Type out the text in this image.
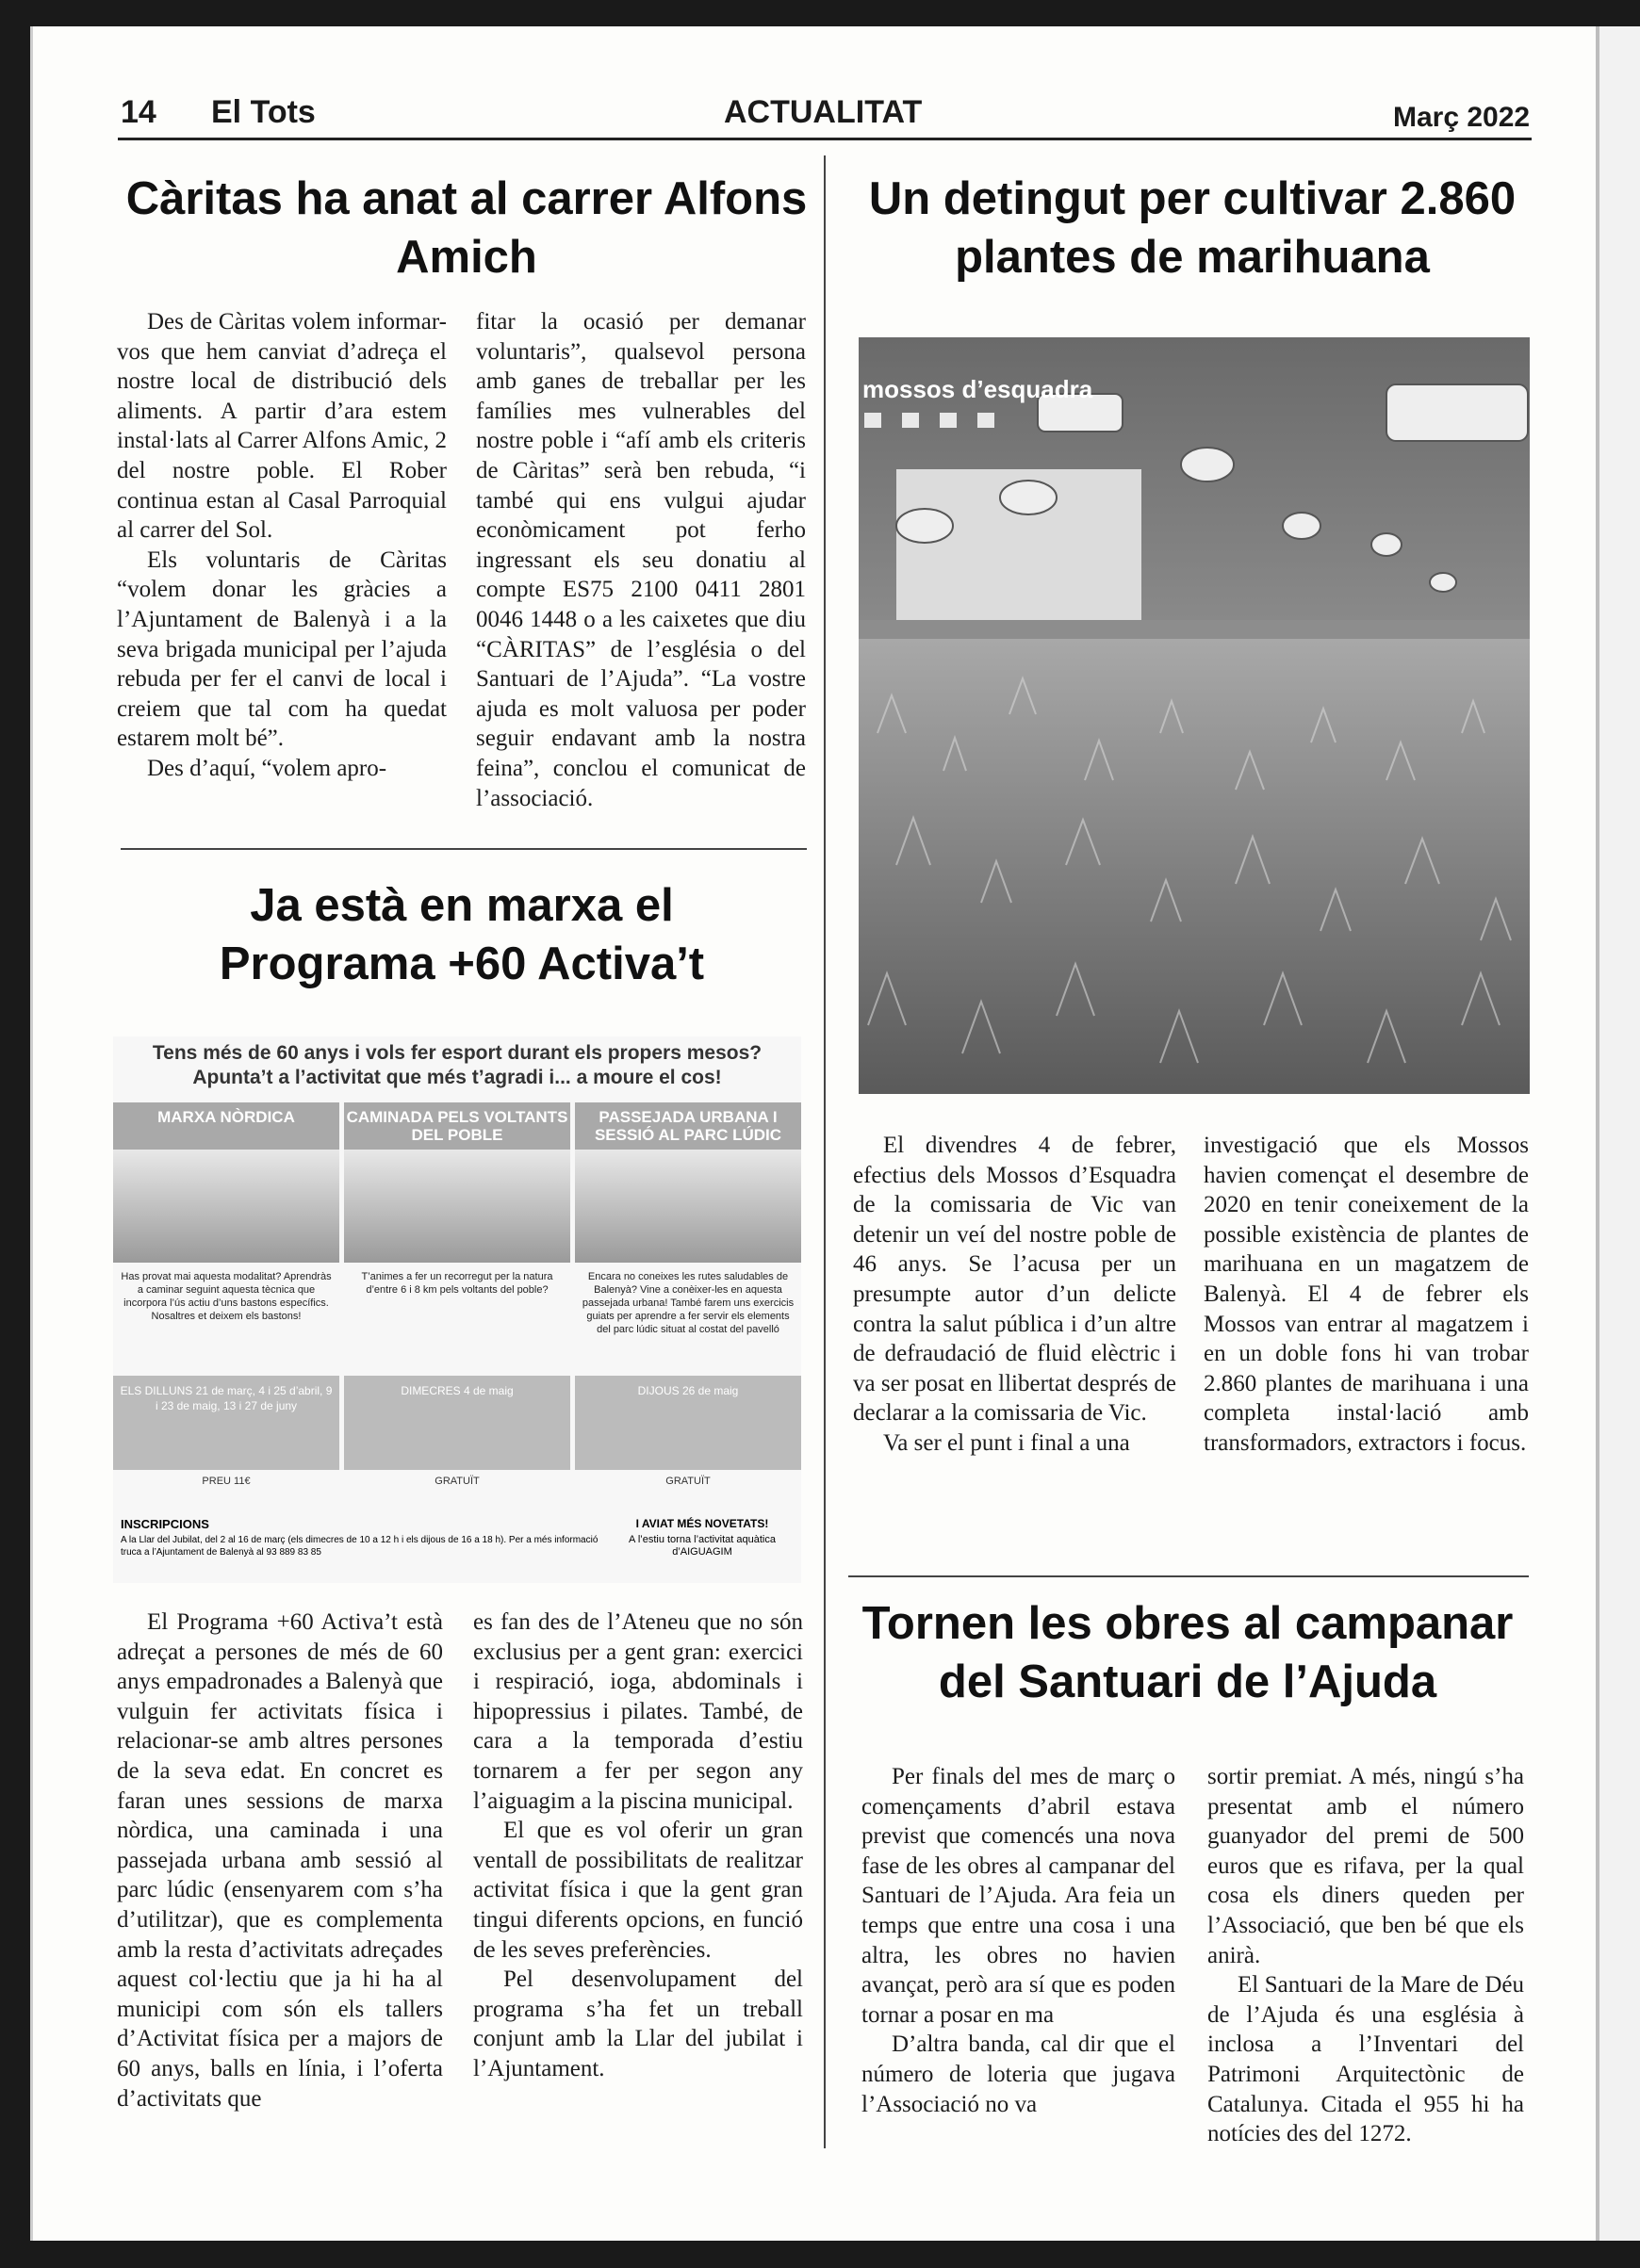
14 El Tots	ACTUALITAT	Març 2022
Càritas ha anat al carrer Alfons Amich

Des de Càritas volem informar-vos que hem canviat d’adreça el nostre local de distribució dels aliments. A partir d’ara estem instal·lats al Carrer Alfons Amic, 2 del nostre poble. El Rober continua estan al Casal Parroquial al carrer del Sol.

Els voluntaris de Càritas “volem donar les gràcies a l’Ajuntament de Balenyà i a la seva brigada municipal per l’ajuda rebuda per fer el canvi de local i creiem que tal com ha quedat estarem molt bé”.

Des d’aquí, “volem apro-

fitar la ocasió per demanar voluntaris”, qualsevol persona amb ganes de treballar per les famílies mes vulnerables del nostre poble i “afí amb els criteris de Càritas” serà ben rebuda, “i també qui ens vulgui ajudar econòmicament pot ferho ingressant els seu donatiu al compte ES75 2100 0411 2801 0046 1448 o a les caixetes que diu “CÀRITAS” de l’església o del Santuari de l’Ajuda”. “La vostre ajuda es molt valuosa per poder seguir endavant amb la nostra feina”, conclou el comunicat de l’associació.

Ja està en marxa el Programa +60 Activa’t
Tens més de 60 anys i vols fer esport durant els propers mesos?
Apunta’t a l’activitat que més t’agradi i... a moure el cos!
MARXA NÒRDICA
Has provat mai aquesta modalitat? Aprendràs a caminar seguint aquesta tècnica que incorpora l’ús actiu d’uns bastons específics. Nosaltres et deixem els bastons!
ELS DILLUNS 21 de març, 4 i 25 d’abril, 9 i 23 de maig, 13 i 27 de juny
PREU 11€
CAMINADA PELS VOLTANTS DEL POBLE
T’animes a fer un recorregut per la natura d’entre 6 i 8 km pels voltants del poble?
DIMECRES 4 de maig
GRATUÏT
PASSEJADA URBANA I SESSIÓ AL PARC LÚDIC
Encara no coneixes les rutes saludables de Balenyà? Vine a conèixer-les en aquesta passejada urbana! També farem uns exercicis guiats per aprendre a fer servir els elements del parc lúdic situat al costat del pavelló
DIJOUS 26 de maig
GRATUÏT
INSCRIPCIONS
A la Llar del Jubilat, del 2 al 16 de març (els dimecres de 10 a 12 h i els dijous de 16 a 18 h). Per a més informació truca a l’Ajuntament de Balenyà al 93 889 83 85
I AVIAT MÉS NOVETATS!
A l’estiu torna l’activitat aquàtica d’AIGUAGIM

El Programa +60 Activa’t està adreçat a persones de més de 60 anys empadronades a Balenyà que vulguin fer activitats física i relacionar-se amb altres persones de la seva edat. En concret es faran unes sessions de marxa nòrdica, una caminada i una passejada urbana amb sessió al parc lúdic (ensenyarem com s’ha d’utilitzar), que es complementa amb la resta d’activitats adreçades aquest col·lectiu que ja hi ha al municipi com són els tallers d’Activitat física per a majors de 60 anys, balls en línia, i l’oferta d’activitats que

es fan des de l’Ateneu que no són exclusius per a gent gran: exercici i respiració, ioga, abdominals i hipopressius i pilates. També, de cara a la temporada d’estiu tornarem a fer per segon any l’aiguagim a la piscina municipal.

El que es vol oferir un gran ventall de possibilitats de realitzar activitat física i que la gent gran tingui diferents opcions, en funció de les seves preferències.

Pel desenvolupament del programa s’ha fet un treball conjunt amb la Llar del jubilat i l’Ajuntament.

Un detingut per cultivar 2.860 plantes de marihuana
mossos d’esquadra

El divendres 4 de febrer, efectius dels Mossos d’Esquadra de la comissaria de Vic van detenir un veí del nostre poble de 46 anys. Se l’acusa per un presumpte autor d’un delicte contra la salut pública i d’un altre de defraudació de fluid elèctric i va ser posat en llibertat després de declarar a la comissaria de Vic.

Va ser el punt i final a una

investigació que els Mossos havien començat el desembre de 2020 en tenir coneixement de la possible existència de plantes de marihuana en un magatzem de Balenyà. El 4 de febrer els Mossos van entrar al magatzem i en un doble fons hi van trobar 2.860 plantes de marihuana i una completa instal·lació amb transformadors, extractors i focus.

Tornen les obres al campanar del Santuari de l’Ajuda

Per finals del mes de març o començaments d’abril estava previst que comencés una nova fase de les obres al campanar del Santuari de l’Ajuda. Ara feia un temps que entre una cosa i una altra, les obres no havien avançat, però ara sí que es poden tornar a posar en ma

D’altra banda, cal dir que el número de loteria que jugava l’Associació no va

sortir premiat. A més, ningú s’ha presentat amb el número guanyador del premi de 500 euros que es rifava, per la qual cosa els diners queden per l’Associació, que ben bé que els anirà.

El Santuari de la Mare de Déu de l’Ajuda és una església à inclosa a l’Inventari del Patrimoni Arquitectònic de Catalunya. Citada el 955 hi ha notícies des del 1272.
